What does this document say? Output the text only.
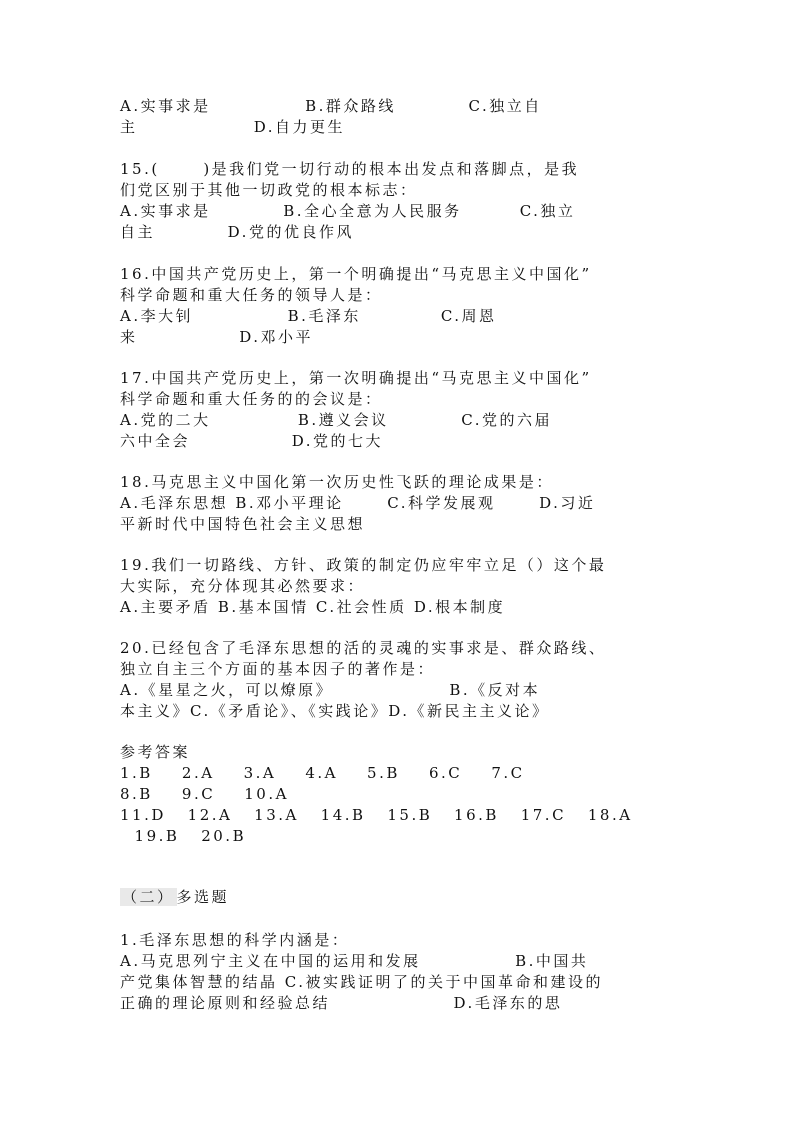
A.实事求是             B.群众路线          C.独立自

主                D.自力更生

15.(      )是我们党一切行动的根本出发点和落脚点，是我

们党区别于其他一切政党的根本标志：

A.实事求是          B.全心全意为人民服务        C.独立

自主          D.党的优良作风

16.中国共产党历史上，第一个明确提出“马克思主义中国化”

科学命题和重大任务的领导人是：

A.李大钊             B.毛泽东           C.周恩

来              D.邓小平

17.中国共产党历史上，第一次明确提出“马克思主义中国化”

科学命题和重大任务的的会议是：

A.党的二大            B.遵义会议          C.党的六届

六中全会              D.党的七大

18.马克思主义中国化第一次历史性飞跃的理论成果是：

A.毛泽东思想 B.邓小平理论      C.科学发展观      D.习近

平新时代中国特色社会主义思想

19.我们一切路线、方针、政策的制定仍应牢牢立足（）这个最

大实际，充分体现其必然要求：

A.主要矛盾 B.基本国情 C.社会性质 D.根本制度

20.已经包含了毛泽东思想的活的灵魂的实事求是、群众路线、

独立自主三个方面的基本因子的著作是：

A.《星星之火，可以燎原》                B.《反对本

本主义》C.《矛盾论》、《实践论》D.《新民主主义论》

参考答案

1.B    2.A    3.A    4.A    5.B    6.C    7.C

8.B    9.C    10.A

11.D   12.A   13.A   14.B   15.B   16.B   17.C   18.A

19.B   20.B

（二） 多选题

1.毛泽东思想的科学内涵是：

A.马克思列宁主义在中国的运用和发展             B.中国共

产党集体智慧的结晶 C.被实践证明了的关于中国革命和建设的

正确的理论原则和经验总结                 D.毛泽东的思
